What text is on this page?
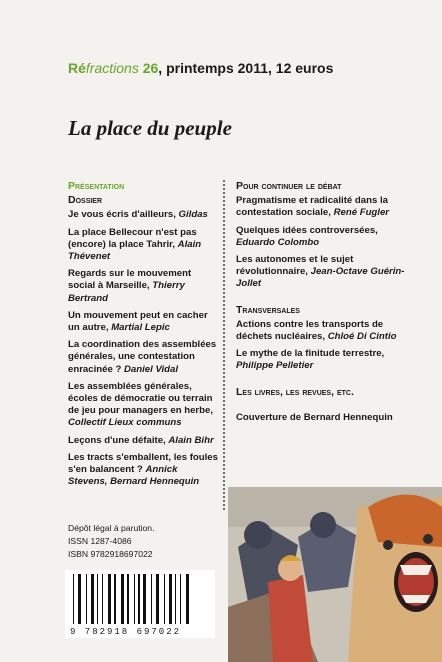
Réfractions 26, printemps 2011, 12 euros
La place du peuple
Présentation
Dossier
Je vous écris d'ailleurs, Gildas
La place Bellecour n'est pas (encore) la place Tahrir, Alain Thévenet
Regards sur le mouvement social à Marseille, Thierry Bertrand
Un mouvement peut en cacher un autre, Martial Lepic
La coordination des assemblées générales, une contestation enracinée ? Daniel Vidal
Les assemblées générales, écoles de démocratie ou terrain de jeu pour managers en herbe, Collectif Lieux communs
Leçons d'une défaite, Alain Bihr
Les tracts s'emballent, les foules s'en balancent ? Annick Stevens, Bernard Hennequin
Pour continuer le débat
Pragmatisme et radicalité dans la contestation sociale, René Fugler
Quelques idées controversées, Eduardo Colombo
Les autonomes et le sujet révolutionnaire, Jean-Octave Guérin-Jollet
Transversales
Actions contre les transports de déchets nucléaires, Chloé Di Cintio
Le mythe de la finitude terrestre, Philippe Pelletier
Les livres, les revues, etc.
Couverture de Bernard Hennequin
Dépôt légal à parution.
ISSN 1287-4086
ISBN 9782918697022
9 782918 697022
